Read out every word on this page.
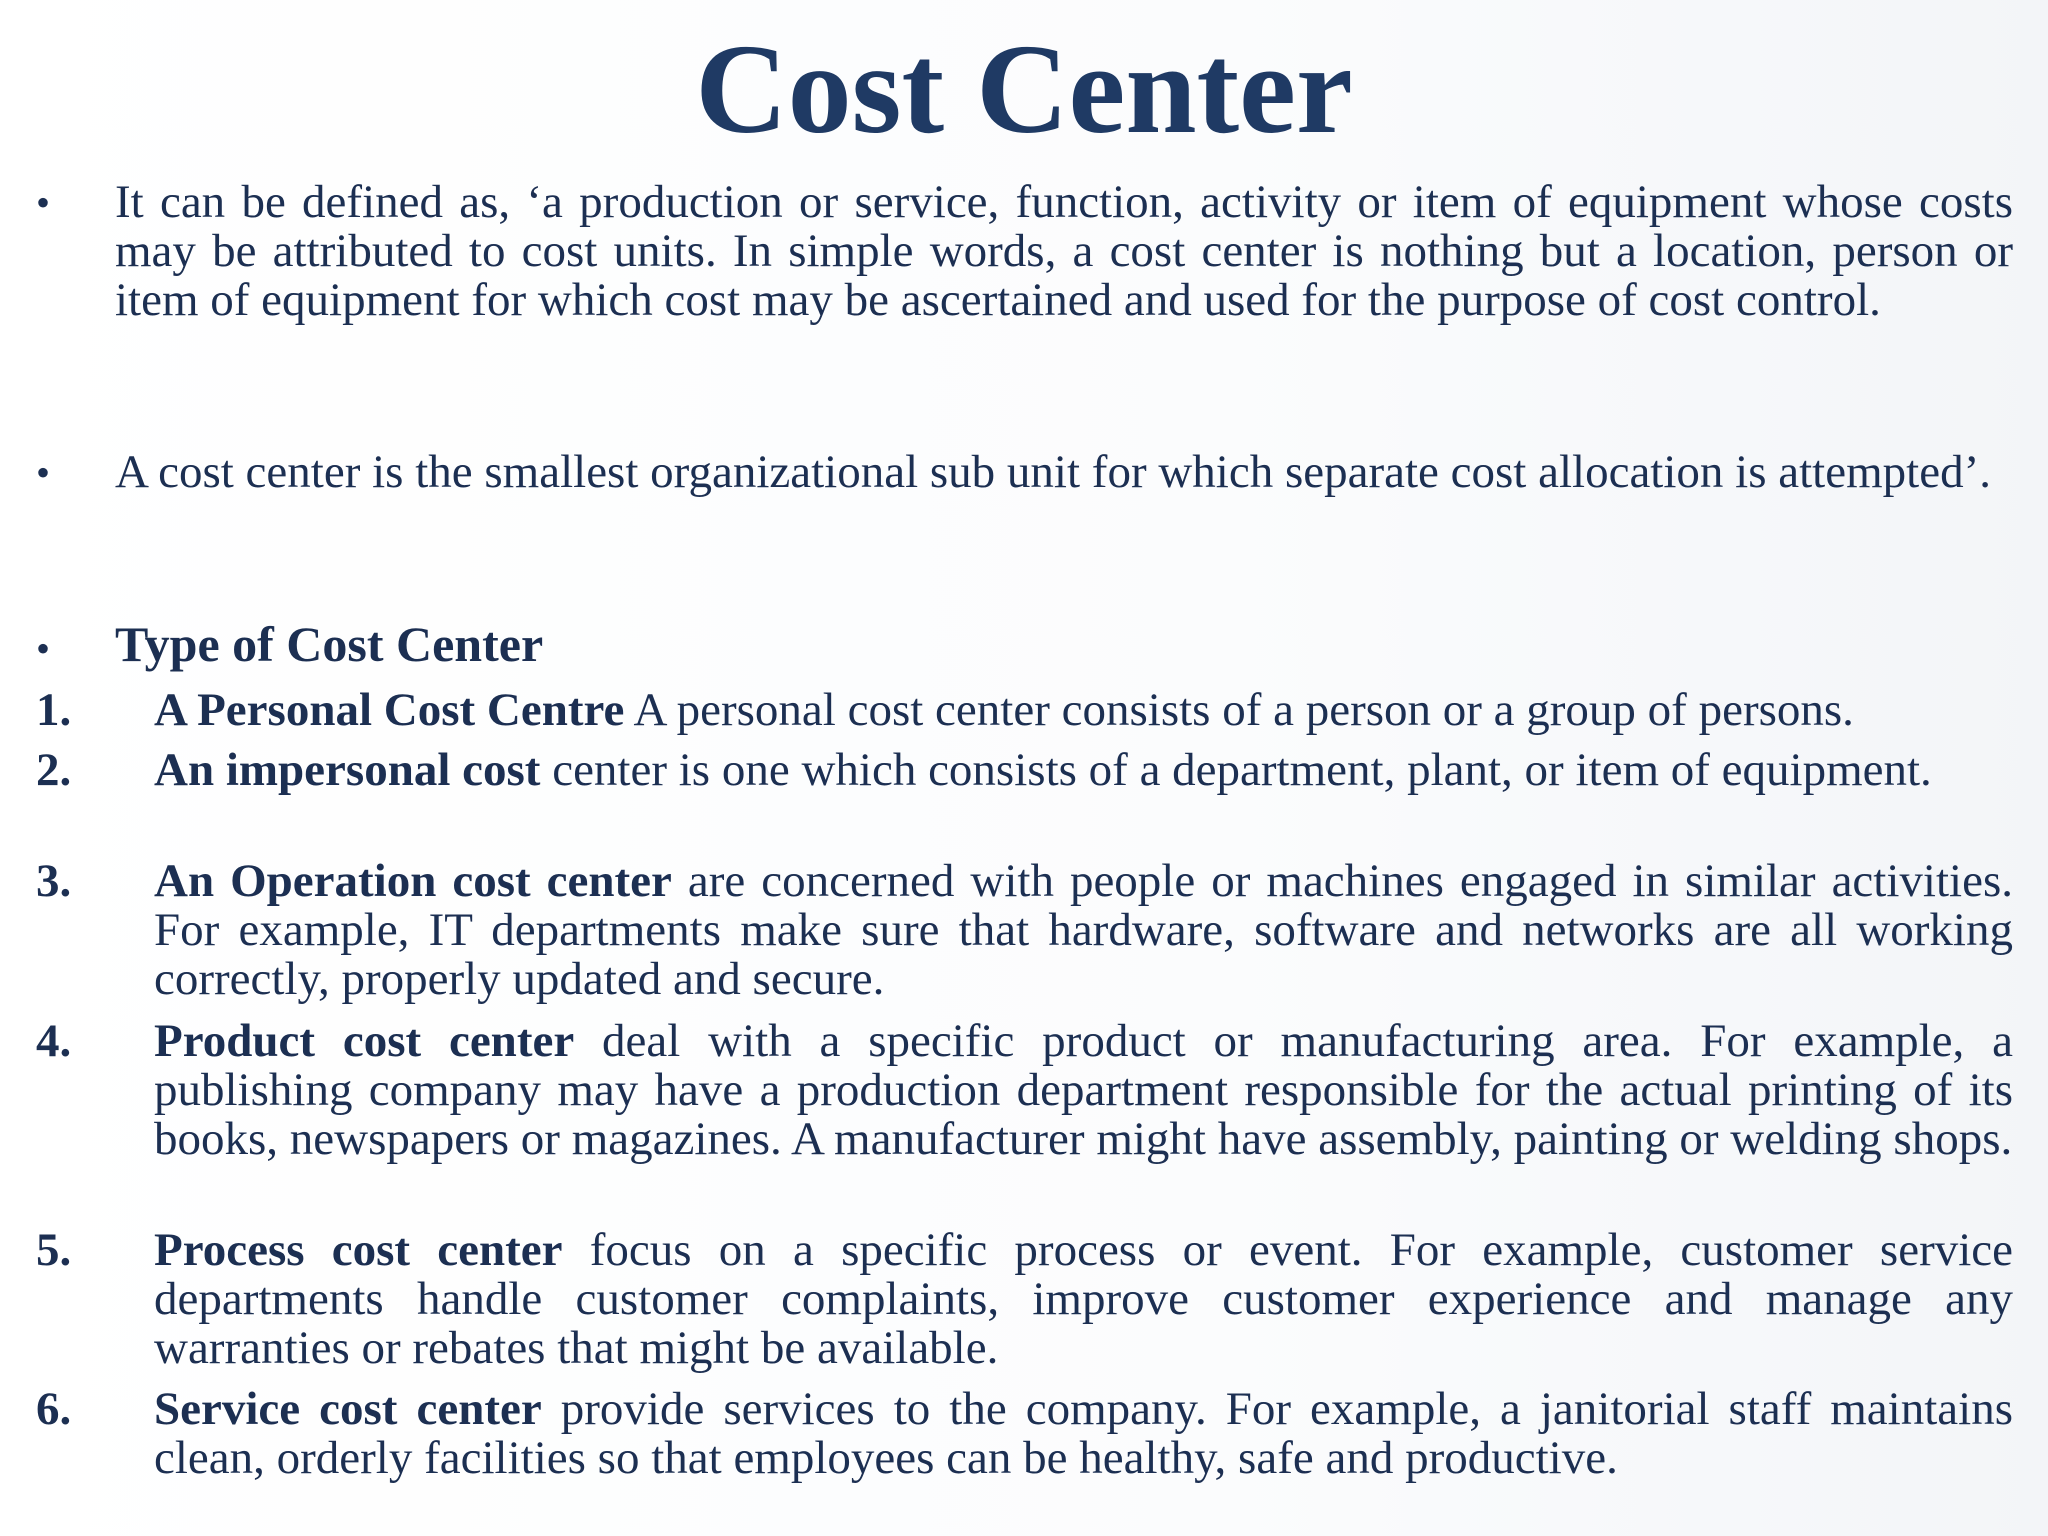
Cost Center
• It can be defined as, ‘a production or service, function, activity or item of equipment whose costs may be attributed to cost units. In simple words, a cost center is nothing but a location, person or item of equipment for which cost may be ascertained and used for the purpose of cost control.

• A cost center is the smallest organizational sub unit for which separate cost allocation is attempted’.

• Type of Cost Center

1. A Personal Cost Centre A personal cost center consists of a person or a group of persons.
2. An impersonal cost center is one which consists of a department, plant, or item of equipment.
3. An Operation cost center are concerned with people or machines engaged in similar activities. For example, IT departments make sure that hardware, software and networks are all working correctly, properly updated and secure.
4. Product cost center deal with a specific product or manufacturing area. For example, a publishing company may have a production department responsible for the actual printing of its books, newspapers or magazines. A manufacturer might have assembly, painting or welding shops.
5. Process cost center focus on a specific process or event. For example, customer service departments handle customer complaints, improve customer experience and manage any warranties or rebates that might be available.
6. Service cost center provide services to the company. For example, a janitorial staff maintains clean, orderly facilities so that employees can be healthy, safe and productive.
